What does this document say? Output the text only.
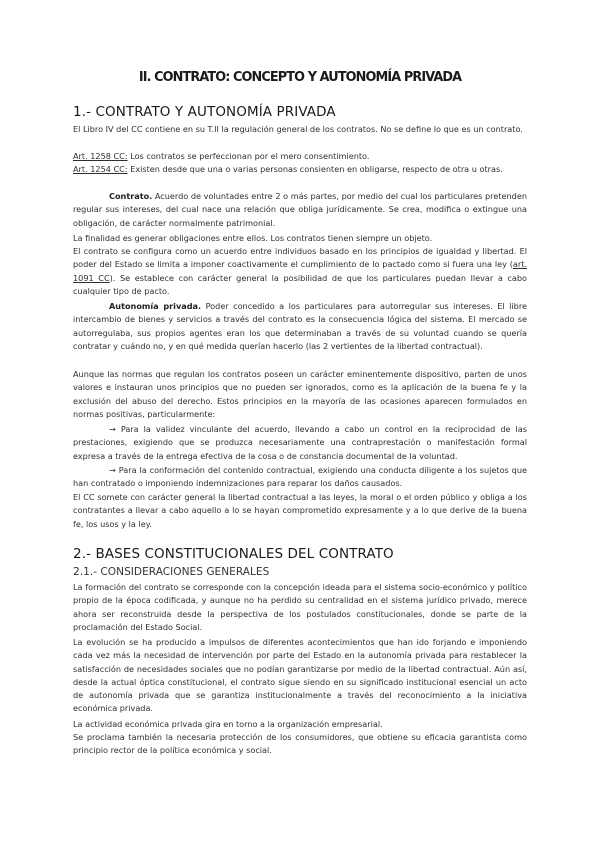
II. CONTRATO: CONCEPTO Y AUTONOMÍA PRIVADA
1.- CONTRATO Y AUTONOMÍA PRIVADA

El Libro IV del CC contiene en su T.II la regulación general de los contratos. No se define lo que es un contrato.

Art. 1258 CC: Los contratos se perfeccionan por el mero consentimiento.

Art. 1254 CC: Existen desde que una o varias personas consienten en obligarse, respecto de otra u otras.

Contrato. Acuerdo de voluntades entre 2 o más partes, por medio del cual los particulares pretenden regular sus intereses, del cual nace una relación que obliga jurídicamente. Se crea, modifica o extingue una obligación, de carácter normalmente patrimonial.

La finalidad es generar obligaciones entre ellos. Los contratos tienen siempre un objeto.

El contrato se configura como un acuerdo entre individuos basado en los principios de igualdad y libertad. El poder del Estado se limita a imponer coactivamente el cumplimiento de lo pactado como si fuera una ley (art. 1091 CC). Se establece con carácter general la posibilidad de que los particulares puedan llevar a cabo cualquier tipo de pacto.

Autonomía privada. Poder concedido a los particulares para autorregular sus intereses. El libre intercambio de bienes y servicios a través del contrato es la consecuencia lógica del sistema. El mercado se autorregulaba, sus propios agentes eran los que determinaban a través de su voluntad cuando se quería contratar y cuándo no, y en qué medida querían hacerlo (las 2 vertientes de la libertad contractual).

Aunque las normas que regulan los contratos poseen un carácter eminentemente dispositivo, parten de unos valores e instauran unos principios que no pueden ser ignorados, como es la aplicación de la buena fe y la exclusión del abuso del derecho. Estos principios en la mayoría de las ocasiones aparecen formulados en normas positivas, particularmente:

→ Para la validez vinculante del acuerdo, llevando a cabo un control en la reciprocidad de las prestaciones, exigiendo que se produzca necesariamente una contraprestación o manifestación formal expresa a través de la entrega efectiva de la cosa o de constancia documental de la voluntad.

→ Para la conformación del contenido contractual, exigiendo una conducta diligente a los sujetos que han contratado o imponiendo indemnizaciones para reparar los daños causados.

El CC somete con carácter general la libertad contractual a las leyes, la moral o el orden público y obliga a los contratantes a llevar a cabo aquello a lo se hayan comprometido expresamente y a lo que derive de la buena fe, los usos y la ley.

2.- BASES CONSTITUCIONALES DEL CONTRATO
2.1.- CONSIDERACIONES GENERALES

La formación del contrato se corresponde con la concepción ideada para el sistema socio-económico y político propio de la época codificada, y aunque no ha perdido su centralidad en el sistema jurídico privado, merece ahora ser reconstruida desde la perspectiva de los postulados constitucionales, donde se parte de la proclamación del Estado Social.

La evolución se ha producido a impulsos de diferentes acontecimientos que han ido forjando e imponiendo cada vez más la necesidad de intervención por parte del Estado en la autonomía privada para restablecer la satisfacción de necesidades sociales que no podían garantizarse por medio de la libertad contractual. Aún así, desde la actual óptica constitucional, el contrato sigue siendo en su significado institucional esencial un acto de autonomía privada que se garantiza institucionalmente a través del reconocimiento a la iniciativa económica privada.

La actividad económica privada gira en torno a la organización empresarial.

Se proclama también la necesaria protección de los consumidores, que obtiene su eficacia garantista como principio rector de la política económica y social.
